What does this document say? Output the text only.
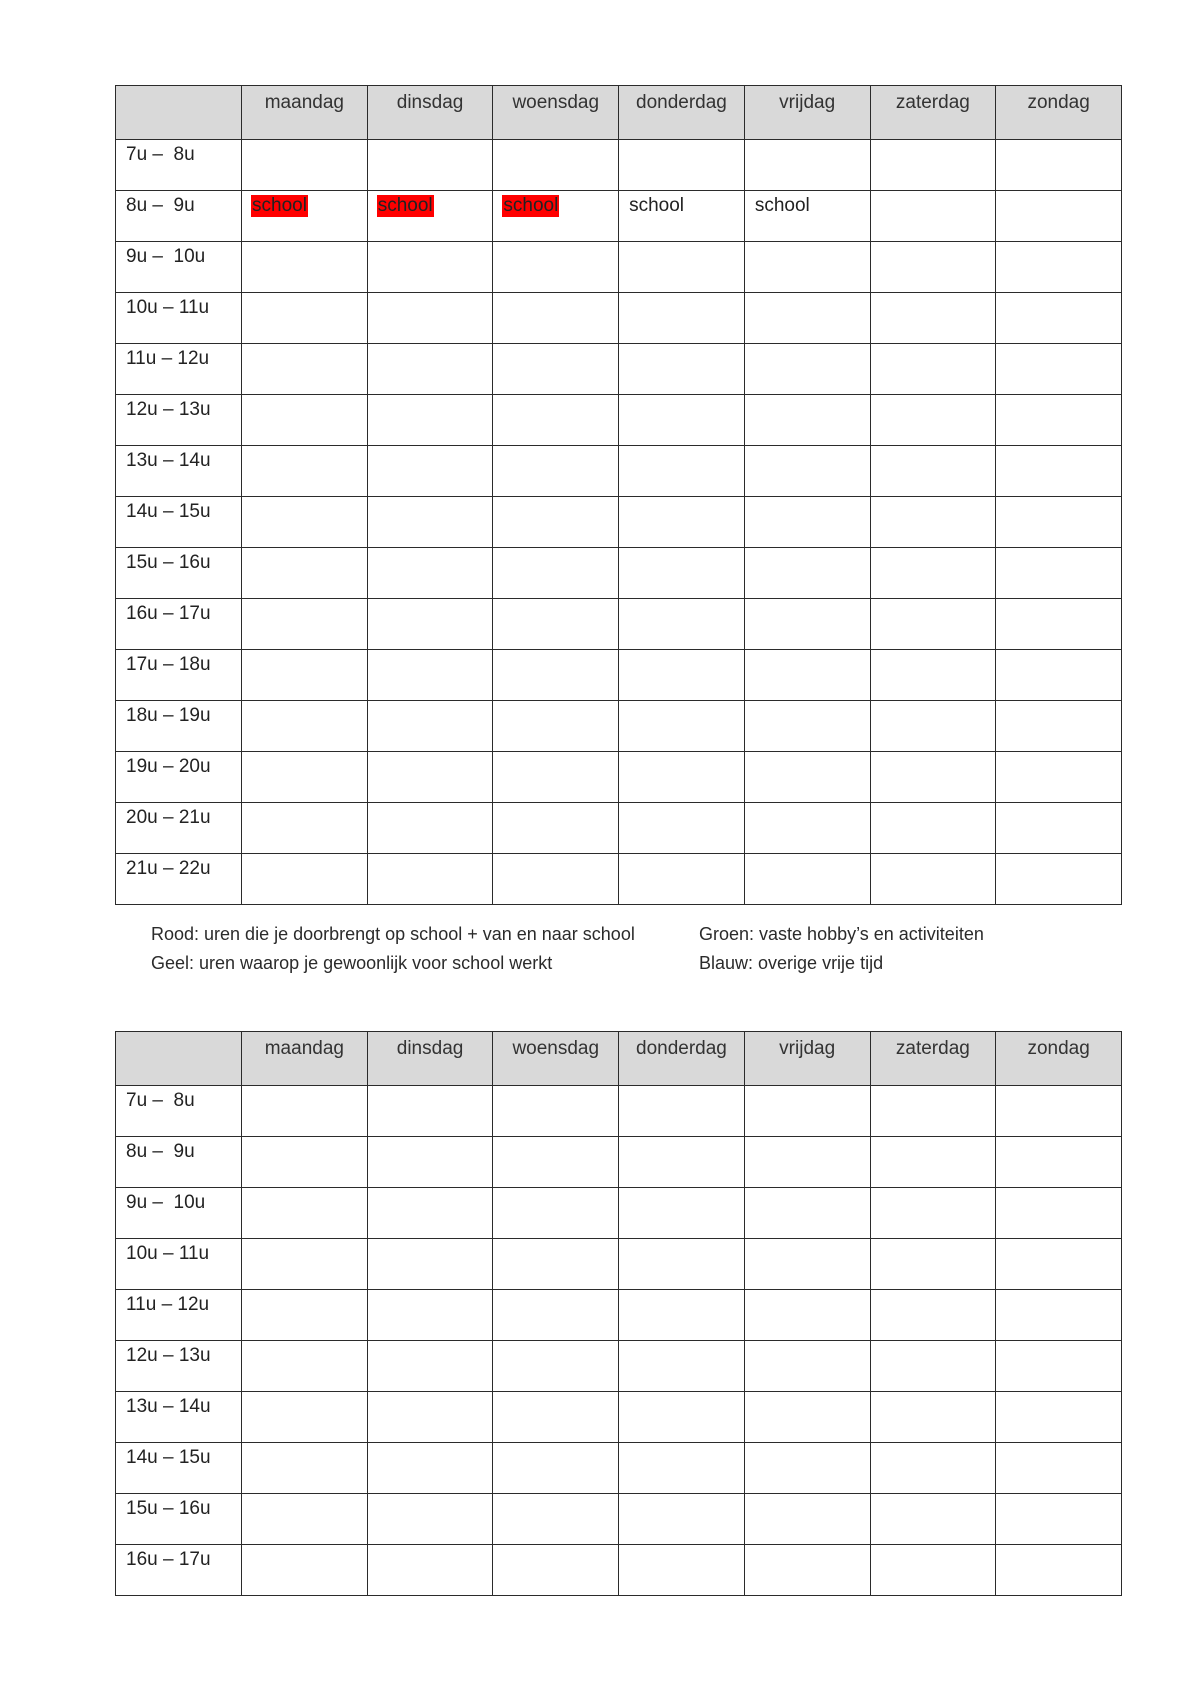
	maandag	dinsdag	woensdag	donderdag	vrijdag	zaterdag	zondag
7u –  8u							
8u –  9u	school	school	school	school	school		
9u –  10u							
10u – 11u							
11u – 12u							
12u – 13u							
13u – 14u							
14u – 15u							
15u – 16u							
16u – 17u							
17u – 18u							
18u – 19u							
19u – 20u							
20u – 21u							
21u – 22u							
Rood: uren die je doorbrengt op school + van en naar school
Geel: uren waarop je gewoonlijk voor school werkt
Groen: vaste hobby’s en activiteiten
Blauw: overige vrije tijd
	maandag	dinsdag	woensdag	donderdag	vrijdag	zaterdag	zondag
7u –  8u							
8u –  9u							
9u –  10u							
10u – 11u							
11u – 12u							
12u – 13u							
13u – 14u							
14u – 15u							
15u – 16u							
16u – 17u							
